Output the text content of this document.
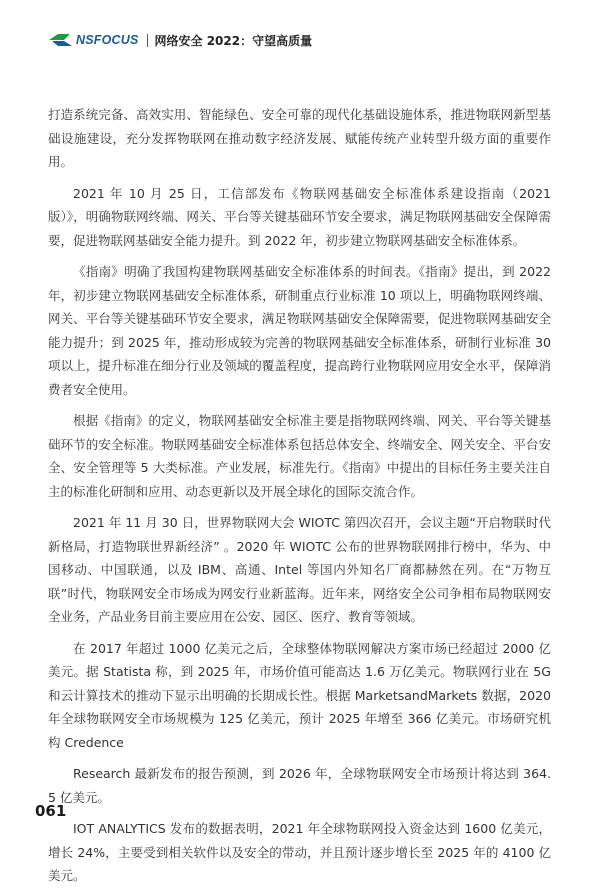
NSFOCUS 网络安全 2022：守望高质量

打造系统完备、高效实用、智能绿色、安全可靠的现代化基础设施体系，推进物联网新型基础设施建设，充分发挥物联网在推动数字经济发展、赋能传统产业转型升级方面的重要作用。

2021 年 10 月 25 日，工信部发布《物联网基础安全标准体系建设指南（2021 版）》，明确物联网终端、网关、平台等关键基础环节安全要求，满足物联网基础安全保障需要，促进物联网基础安全能力提升。到 2022 年，初步建立物联网基础安全标准体系。

《指南》明确了我国构建物联网基础安全标准体系的时间表。《指南》提出，到 2022 年，初步建立物联网基础安全标准体系，研制重点行业标准 10 项以上，明确物联网终端、网关、平台等关键基础环节安全要求，满足物联网基础安全保障需要，促进物联网基础安全能力提升；到 2025 年，推动形成较为完善的物联网基础安全标准体系，研制行业标准 30 项以上，提升标准在细分行业及领域的覆盖程度，提高跨行业物联网应用安全水平，保障消费者安全使用。

根据《指南》的定义，物联网基础安全标准主要是指物联网终端、网关、平台等关键基础环节的安全标准。物联网基础安全标准体系包括总体安全、终端安全、网关安全、平台安全、安全管理等 5 大类标准。产业发展，标准先行。《指南》中提出的目标任务主要关注自主的标准化研制和应用、动态更新以及开展全球化的国际交流合作。

2021 年 11 月 30 日，世界物联网大会 WIOTC 第四次召开，会议主题“开启物联时代新格局，打造物联世界新经济” 。2020 年 WIOTC 公布的世界物联网排行榜中，华为、中国移动、中国联通，以及 IBM、高通、Intel 等国内外知名厂商都赫然在列。在“万物互联”时代，物联网安全市场成为网安行业新蓝海。近年来，网络安全公司争相布局物联网安全业务，产品业务目前主要应用在公安、园区、医疗、教育等领域。

在 2017 年超过 1000 亿美元之后，全球整体物联网解决方案市场已经超过 2000 亿美元。据 Statista 称，到 2025 年，市场价值可能高达 1.6 万亿美元。物联网行业在 5G 和云计算技术的推动下显示出明确的长期成长性。根据 MarketsandMarkets 数据，2020 年全球物联网安全市场规模为 125 亿美元，预计 2025 年增至 366 亿美元。市场研究机构 Credence

Research 最新发布的报告预测，到 2026 年，全球物联网安全市场预计将达到 364.5 亿美元。

IOT ANALYTICS 发布的数据表明，2021 年全球物联网投入资金达到 1600 亿美元，增长 24%，主要受到相关软件以及安全的带动，并且预计逐步增长至 2025 年的 4100 亿美元。

061
